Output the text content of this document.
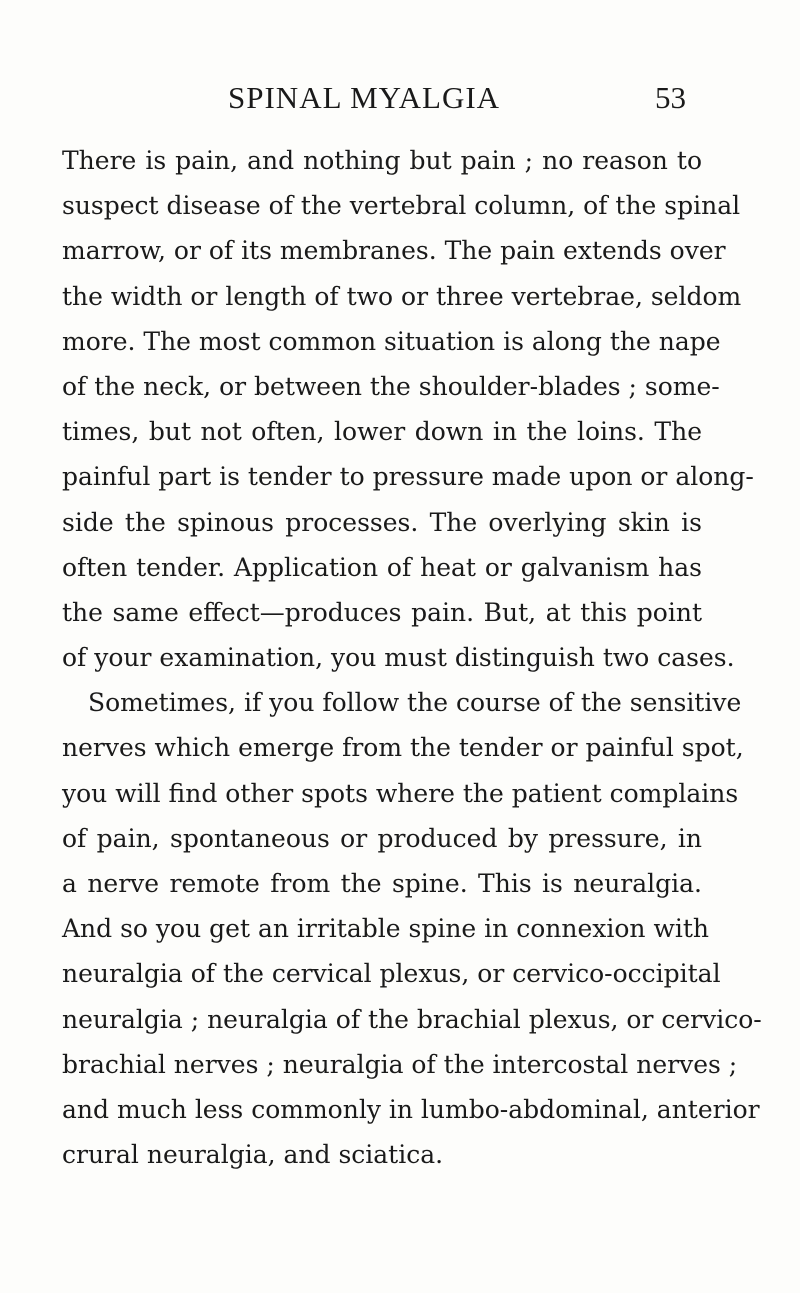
SPINAL MYALGIA	53
There is pain, and nothing but pain ; no reason to
suspect disease of the vertebral column, of the spinal
marrow, or of its membranes. The pain extends over
the width or length of two or three vertebrae, seldom
more. The most common situation is along the nape
of the neck, or between the shoulder-blades ; some-
times, but not often, lower down in the loins. The
painful part is tender to pressure made upon or along-
side the spinous processes. The overlying skin is
often tender. Application of heat or galvanism has
the same effect—produces pain. But, at this point
of your examination, you must distinguish two cases.
Sometimes, if you follow the course of the sensitive
nerves which emerge from the tender or painful spot,
you will find other spots where the patient complains
of pain, spontaneous or produced by pressure, in
a nerve remote from the spine. This is neuralgia.
And so you get an irritable spine in connexion with
neuralgia of the cervical plexus, or cervico-occipital
neuralgia ; neuralgia of the brachial plexus, or cervico-
brachial nerves ; neuralgia of the intercostal nerves ;
and much less commonly in lumbo-abdominal, anterior
crural neuralgia, and sciatica.
